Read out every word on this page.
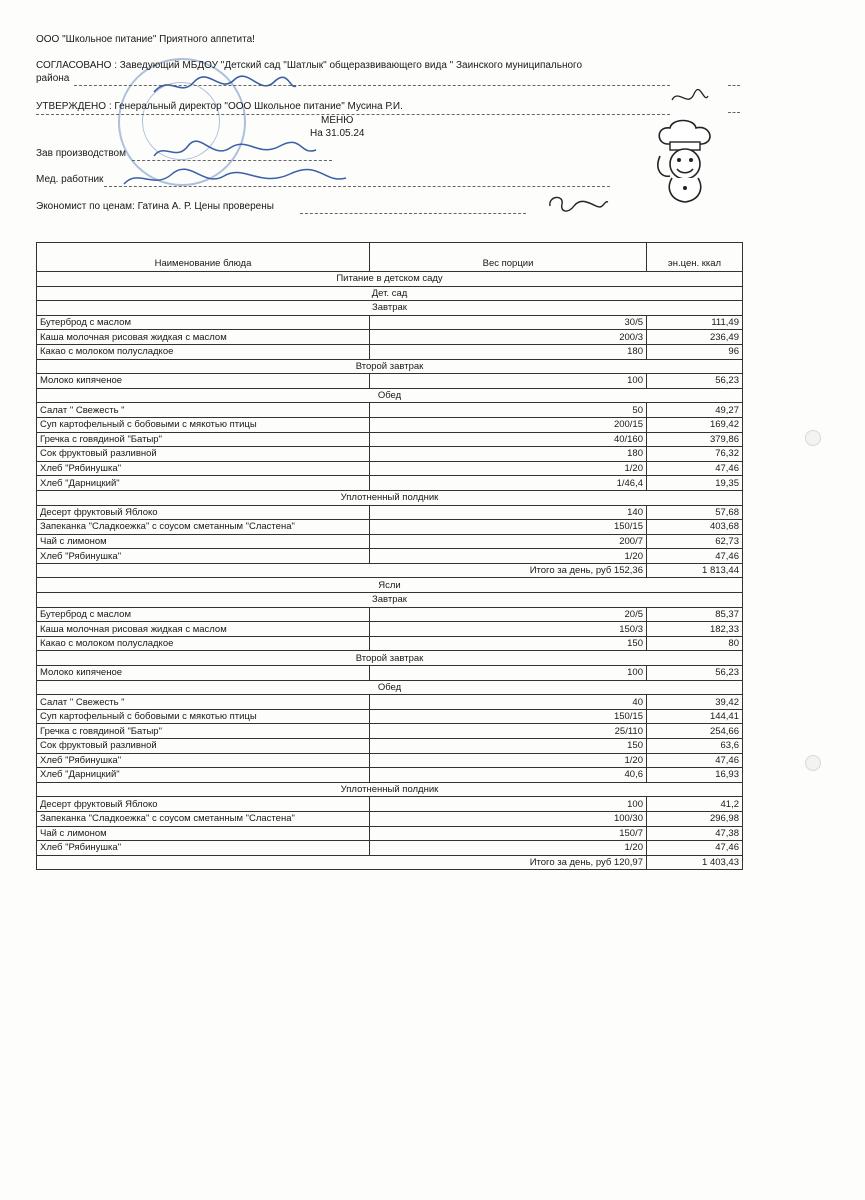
ООО "Школьное питание" Приятного аппетита!
СОГЛАСОВАНО : Заведующий МБДОУ "Детский сад "Шатлык" общеразвивающего вида " Заинского муниципального
района
УТВЕРЖДЕНО : Генеральный директор "ООО Школьное питание" Мусина Р.И.
МЕНЮ
На 31.05.24
Зав производством
Мед. работник
Экономист по ценам: Гатина А. Р. Цены проверены
Наименование блюда	Вес порции	эн.цен. ккал
Питание в детском саду		
Дет. сад		
Завтрак		
Бутерброд с маслом	30/5	111,49
Каша молочная рисовая жидкая с маслом	200/3	236,49
Какао с молоком полусладкое	180	96
Второй завтрак		
Молоко кипяченое	100	56,23
Обед		
Салат " Свежесть "	50	49,27
Суп картофельный с бобовыми с мякотью птицы	200/15	169,42
Гречка с говядиной "Батыр"	40/160	379,86
Сок фруктовый разливной	180	76,32
Хлеб "Рябинушка"	1/20	47,46
Хлеб "Дарницкий"	1/46,4	19,35
Уплотненный полдник		
Десерт фруктовый Яблоко	140	57,68
Запеканка "Сладкоежка" с соусом сметанным "Сластена"	150/15	403,68
Чай с лимоном	200/7	62,73
Хлеб "Рябинушка"	1/20	47,46
	Итого за день, руб 152,36	1 813,44
Ясли		
Завтрак		
Бутерброд с маслом	20/5	85,37
Каша молочная рисовая жидкая с маслом	150/3	182,33
Какао с молоком полусладкое	150	80
Второй завтрак		
Молоко кипяченое	100	56,23
Обед		
Салат " Свежесть "	40	39,42
Суп картофельный с бобовыми с мякотью птицы	150/15	144,41
Гречка с говядиной "Батыр"	25/110	254,66
Сок фруктовый разливной	150	63,6
Хлеб "Рябинушка"	1/20	47,46
Хлеб "Дарницкий"	40,6	16,93
Уплотненный полдник		
Десерт фруктовый Яблоко	100	41,2
Запеканка "Сладкоежка" с соусом сметанным "Сластена"	100/30	296,98
Чай с лимоном	150/7	47,38
Хлеб "Рябинушка"	1/20	47,46
	Итого за день, руб 120,97	1 403,43
